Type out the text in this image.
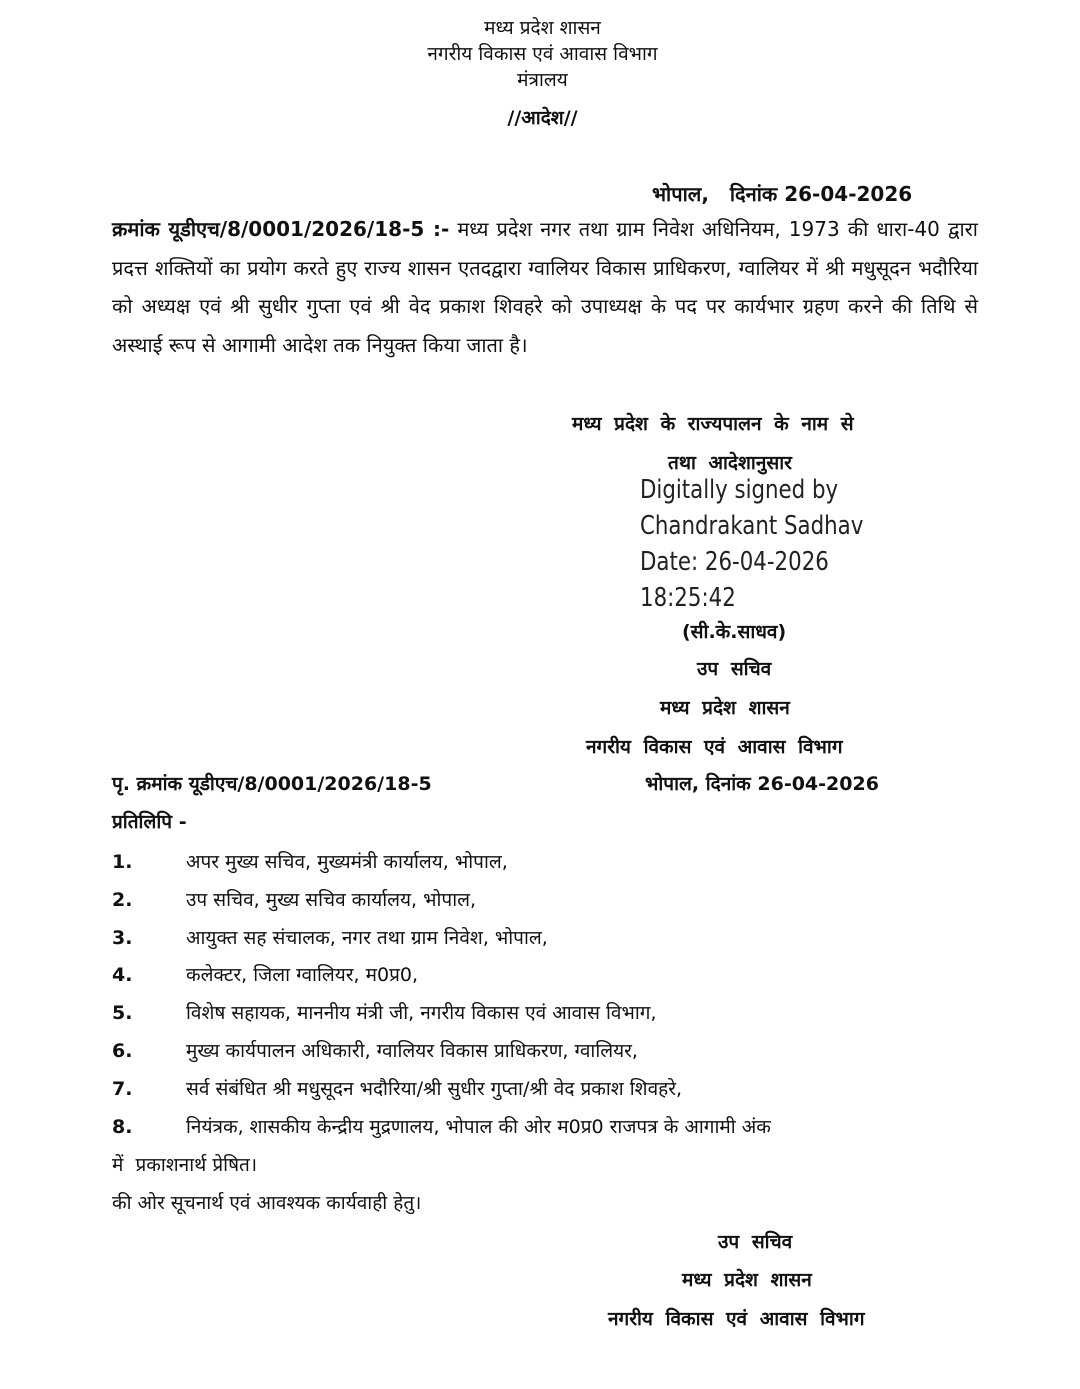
मध्य प्रदेश शासन
नगरीय विकास एवं आवास विभाग
मंत्रालय
//आदेश//
भोपाल,   दिनांक 26-04-2026
क्रमांक यूडीएच/8/0001/2026/18-5 :- मध्य प्रदेश नगर तथा ग्राम निवेश अधिनियम, 1973 की धारा-40 द्वारा प्रदत्त शक्तियों का प्रयोग करते हुए राज्य शासन एतदद्वारा ग्वालियर विकास प्राधिकरण, ग्वालियर में श्री मधुसूदन भदौरिया को अध्यक्ष एवं श्री सुधीर गुप्ता एवं श्री वेद प्रकाश शिवहरे को उपाध्यक्ष के पद पर कार्यभार ग्रहण करने की तिथि से अस्थाई रूप से आगामी आदेश तक नियुक्त किया जाता है।
मध्य प्रदेश के राज्यपालन के नाम से
तथा आदेशानुसार
Digitally signed by
Chandrakant Sadhav
Date: 26-04-2026
18:25:42
(सी.के.साधव)
उप सचिव
मध्य प्रदेश शासन
नगरीय विकास एवं आवास विभाग
पृ. क्रमांक यूडीएच/8/0001/2026/18-5	भोपाल, दिनांक 26-04-2026
प्रतिलिपि -
1.	अपर मुख्य सचिव, मुख्यमंत्री कार्यालय, भोपाल,
2.	उप सचिव, मुख्य सचिव कार्यालय, भोपाल,
3.	आयुक्त सह संचालक, नगर तथा ग्राम निवेश, भोपाल,
4.	कलेक्टर, जिला ग्वालियर, म0प्र0,
5.	विशेष सहायक, माननीय मंत्री जी, नगरीय विकास एवं आवास विभाग,
6.	मुख्य कार्यपालन अधिकारी, ग्वालियर विकास प्राधिकरण, ग्वालियर,
7.	सर्व संबंधित श्री मधुसूदन भदौरिया/श्री सुधीर गुप्ता/श्री वेद प्रकाश शिवहरे,
8.	नियंत्रक, शासकीय केन्द्रीय मुद्रणालय, भोपाल की ओर म0प्र0 राजपत्र के आगामी अंक
में  प्रकाशनार्थ प्रेषित।
की ओर सूचनार्थ एवं आवश्यक कार्यवाही हेतु।
उप सचिव
मध्य प्रदेश शासन
नगरीय विकास एवं आवास विभाग
